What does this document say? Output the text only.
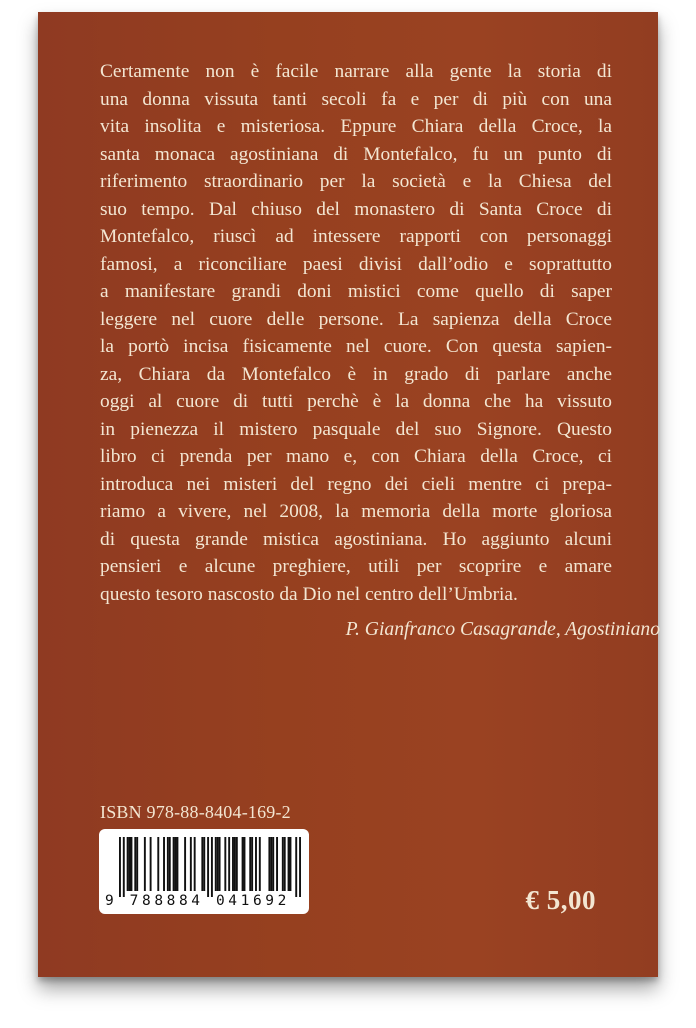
Certamente non è facile narrare alla gente la storia di
una donna vissuta tanti secoli fa e per di più con una
vita insolita e misteriosa. Eppure Chiara della Croce, la
santa monaca agostiniana di Montefalco, fu un punto di
riferimento straordinario per la società e la Chiesa del
suo tempo. Dal chiuso del monastero di Santa Croce di
Montefalco, riuscì ad intessere rapporti con personaggi
famosi, a riconciliare paesi divisi dall’odio e soprattutto
a manifestare grandi doni mistici come quello di saper
leggere nel cuore delle persone. La sapienza della Croce
la portò incisa fisicamente nel cuore. Con questa sapien-
za, Chiara da Montefalco è in grado di parlare anche
oggi al cuore di tutti perchè è la donna che ha vissuto
in pienezza il mistero pasquale del suo Signore. Questo
libro ci prenda per mano e, con Chiara della Croce, ci
introduca nei misteri del regno dei cieli mentre ci prepa-
riamo a vivere, nel 2008, la memoria della morte gloriosa
di questa grande mistica agostiniana. Ho aggiunto alcuni
pensieri e alcune preghiere, utili per scoprire e amare
questo tesoro nascosto da Dio nel centro dell’Umbria.
P. Gianfranco Casagrande, Agostiniano
ISBN 978-88-8404-169-2
9 788884 041692	€ 5,00
